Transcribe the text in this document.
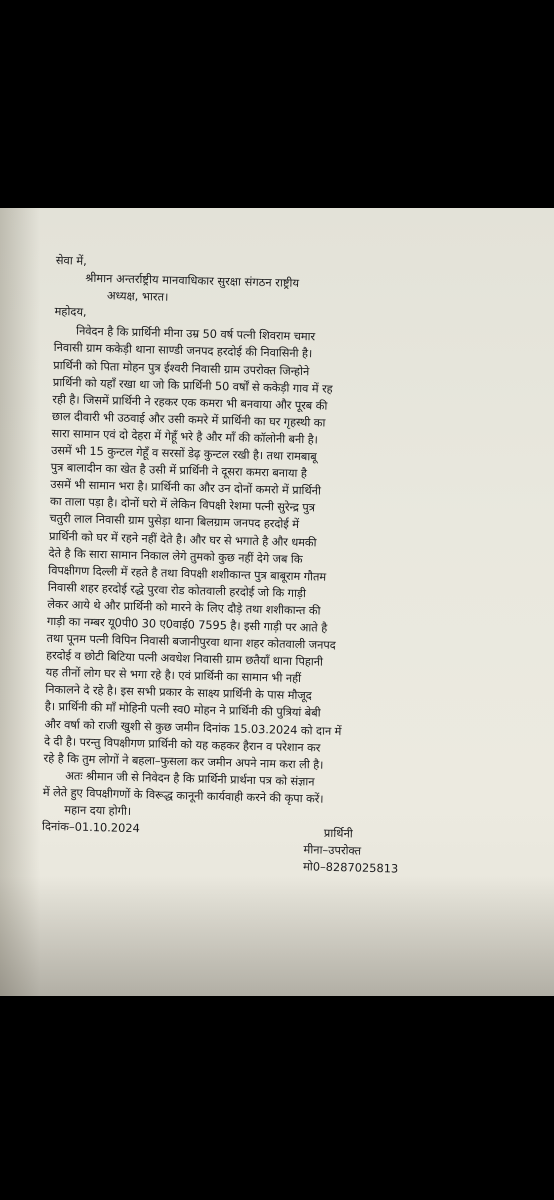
सेवा में,
श्रीमान अन्तर्राष्ट्रीय मानवाधिकार सुरक्षा संगठन राष्ट्रीय
अध्यक्ष, भारत।
महोदय,
निवेदन है कि प्रार्थिनी मीना उम्र 50 वर्ष पत्नी शिवराम चमार
निवासी ग्राम ककेड़ी थाना साण्डी जनपद हरदोई की निवासिनी है।
प्रार्थिनी को पिता मोहन पुत्र ईश्वरी निवासी ग्राम उपरोक्त जिन्होने
प्रार्थिनी को यहाँ रखा था जो कि प्रार्थिनी 50 वर्षों से ककेड़ी गाव में रह
रही है। जिसमें प्रार्थिनी ने रहकर एक कमरा भी बनवाया और पूरब की
छाल दीवारी भी उठवाई और उसी कमरे में प्रार्थिनी का घर गृहस्थी का
सारा सामान एवं दो देहरा में गेहूँ भरे है और माँ की कॉलोनी बनी है।
उसमें भी 15 कुन्टल गेहूँ व सरसों डेढ़ कुन्टल रखी है। तथा रामबाबू
पुत्र बालादीन का खेत है उसी में प्रार्थिनी ने दूसरा कमरा बनाया है
उसमें भी सामान भरा है। प्रार्थिनी का और उन दोनों कमरो में प्रार्थिनी
का ताला पड़ा है। दोनों घरो में लेकिन विपक्षी रेशमा पत्नी सुरेन्द्र पुत्र
चतुरी लाल निवासी ग्राम पुसेड़ा थाना बिलग्राम जनपद हरदोई में
प्रार्थिनी को घर में रहने नहीं देते है। और घर से भगाते है और धमकी
देते है कि सारा सामान निकाल लेगे तुमको कुछ नहीं देगे जब कि
विपक्षीगण दिल्ली में रहते है तथा विपक्षी शशीकान्त पुत्र बाबूराम गौतम
निवासी शहर हरदोई रद्धे पुरवा रोड कोतवाली हरदोई जो कि गाड़ी
लेकर आये थे और प्रार्थिनी को मारने के लिए दौड़े तथा शशीकान्त की
गाड़ी का नम्बर यू0पी0 30 ए0वाई0 7595 है। इसी गाड़ी पर आते है
तथा पूनम पत्नी विपिन निवासी बजानीपुरवा थाना शहर कोतवाली जनपद
हरदोई व छोटी बिटिया पत्नी अवधेश निवासी ग्राम छतैयाँ थाना पिहानी
यह तीनों लोग घर से भगा रहे है। एवं प्रार्थिनी का सामान भी नहीं
निकालने दे रहे है। इस सभी प्रकार के साक्ष्य प्रार्थिनी के पास मौजूद
है। प्रार्थिनी की माँ मोहिनी पत्नी स्व0 मोहन ने प्रार्थिनी की पुत्रियां बेबी
और वर्षा को राजी खुशी से कुछ जमीन दिनांक 15.03.2024 को दान में
दे दी है। परन्तु विपक्षीगण प्रार्थिनी को यह कहकर हैरान व परेशान कर
रहे है कि तुम लोगों ने बहला–फुसला कर जमीन अपने नाम करा ली है।
अतः श्रीमान जी से निवेदन है कि प्रार्थिनी प्रार्थना पत्र को संज्ञान
में लेते हुए विपक्षीगणों के विरूद्ध कानूनी कार्यवाही करने की कृपा करें।
महान दया होगी।
दिनांक–01.10.2024	प्रार्थिनी
मीना–उपरोक्त
मो0–8287025813
